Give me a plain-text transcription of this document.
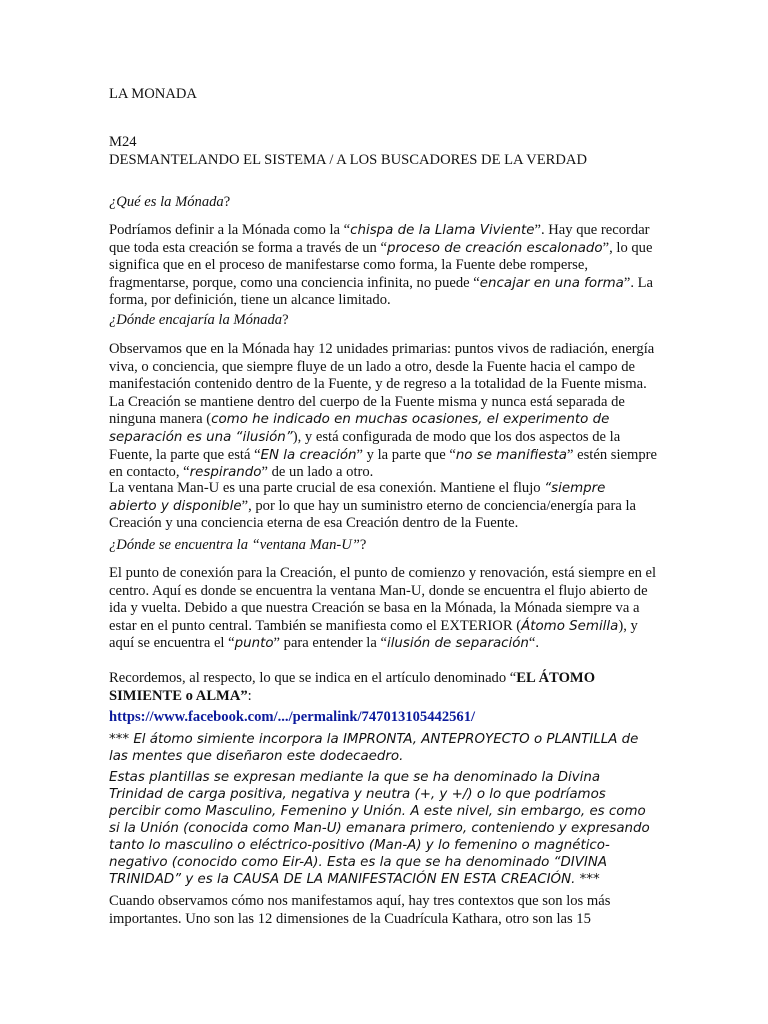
LA MONADA

M24

DESMANTELANDO EL SISTEMA / A LOS BUSCADORES DE LA VERDAD

¿Qué es la Mónada?

Podríamos definir a la Mónada como la “chispa de la Llama Viviente”. Hay que recordar que toda esta creación se forma a través de un “proceso de creación escalonado”, lo que significa que en el proceso de manifestarse como forma, la Fuente debe romperse, fragmentarse, porque, como una conciencia infinita, no puede “encajar en una forma”. La forma, por definición, tiene un alcance limitado.

¿Dónde encajaría la Mónada?

Observamos que en la Mónada hay 12 unidades primarias: puntos vivos de radiación, energía viva, o conciencia, que siempre fluye de un lado a otro, desde la Fuente hacia el campo de manifestación contenido dentro de la Fuente, y de regreso a la totalidad de la Fuente misma. La Creación se mantiene dentro del cuerpo de la Fuente misma y nunca está separada de ninguna manera (como he indicado en muchas ocasiones, el experimento de separación es una “ilusión”), y está configurada de modo que los dos aspectos de la Fuente, la parte que está “EN la creación” y la parte que “no se manifiesta” estén siempre en contacto, “respirando” de un lado a otro.

La ventana Man-U es una parte crucial de esa conexión. Mantiene el flujo “siempre abierto y disponible”, por lo que hay un suministro eterno de conciencia/energía para la Creación y una conciencia eterna de esa Creación dentro de la Fuente.

¿Dónde se encuentra la “ventana Man-U”?

El punto de conexión para la Creación, el punto de comienzo y renovación, está siempre en el centro. Aquí es donde se encuentra la ventana Man-U, donde se encuentra el flujo abierto de ida y vuelta. Debido a que nuestra Creación se basa en la Mónada, la Mónada siempre va a estar en el punto central. También se manifiesta como el EXTERIOR (Átomo Semilla), y aquí se encuentra el “punto” para entender la “ilusión de separación“.

Recordemos, al respecto, lo que se indica en el artículo denominado “EL ÁTOMO SIMIENTE o ALMA”:

https://www.facebook.com/.../permalink/747013105442561/

*** El átomo simiente incorpora la IMPRONTA, ANTEPROYECTO o PLANTILLA de las mentes que diseñaron este dodecaedro.

Estas plantillas se expresan mediante la que se ha denominado la Divina Trinidad de carga positiva, negativa y neutra (+, y +/) o lo que podríamos percibir como Masculino, Femenino y Unión. A este nivel, sin embargo, es como si la Unión (conocida como Man-U) emanara primero, conteniendo y expresando tanto lo masculino o eléctrico-positivo (Man-A) y lo femenino o magnético-negativo (conocido como Eir-A). Esta es la que se ha denominado “DIVINA TRINIDAD” y es la CAUSA DE LA MANIFESTACIÓN EN ESTA CREACIÓN. ***

Cuando observamos cómo nos manifestamos aquí, hay tres contextos que son los más importantes. Uno son las 12 dimensiones de la Cuadrícula Kathara, otro son las 15
